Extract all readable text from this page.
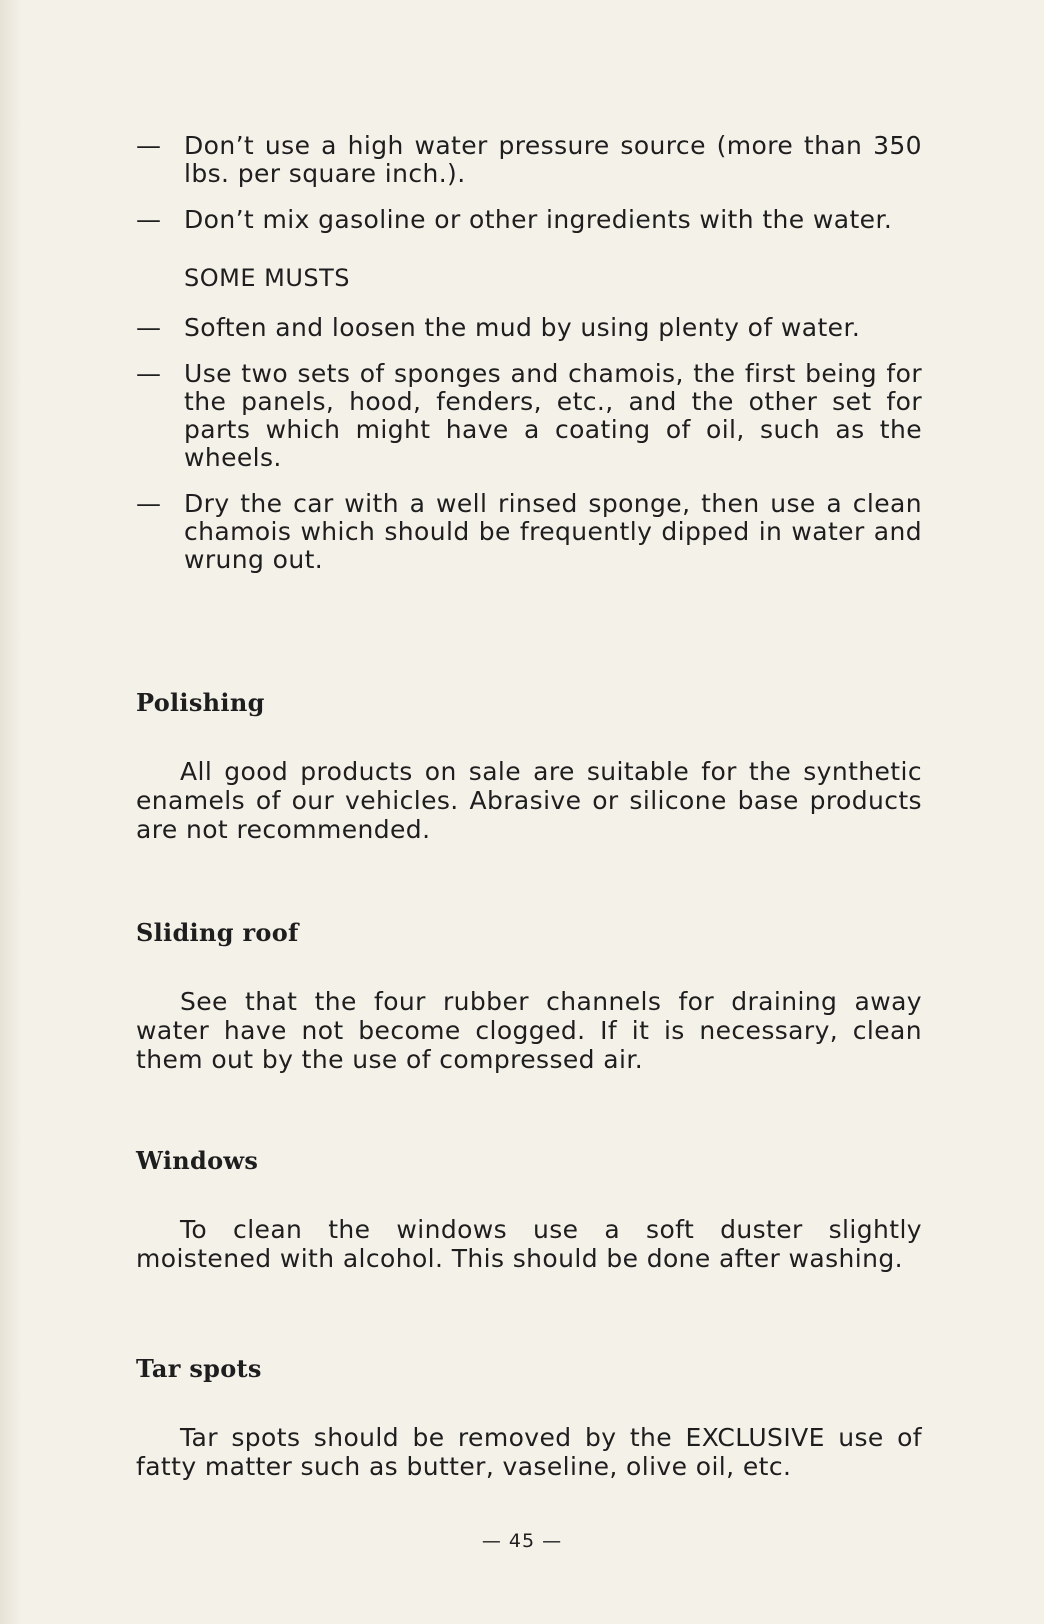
— Don’t use a high water pressure source (more than 350 lbs. per square inch.).
— Don’t mix gasoline or other ingredients with the water.
SOME MUSTS
— Soften and loosen the mud by using plenty of water.
— Use two sets of sponges and chamois, the first being for the panels, hood, fenders, etc., and the other set for parts which might have a coating of oil, such as the wheels.
— Dry the car with a well rinsed sponge, then use a clean chamois which should be frequently dipped in water and wrung out.
Polishing

All good products on sale are suitable for the synthetic enamels of our vehicles. Abrasive or silicone base products are not recommended.

Sliding roof

See that the four rubber channels for draining away water have not become clogged. If it is necessary, clean them out by the use of compressed air.

Windows

To clean the windows use a soft duster slightly moistened with alcohol. This should be done after washing.

Tar spots

Tar spots should be removed by the EXCLUSIVE use of fatty matter such as butter, vaseline, olive oil, etc.

— 45 —
